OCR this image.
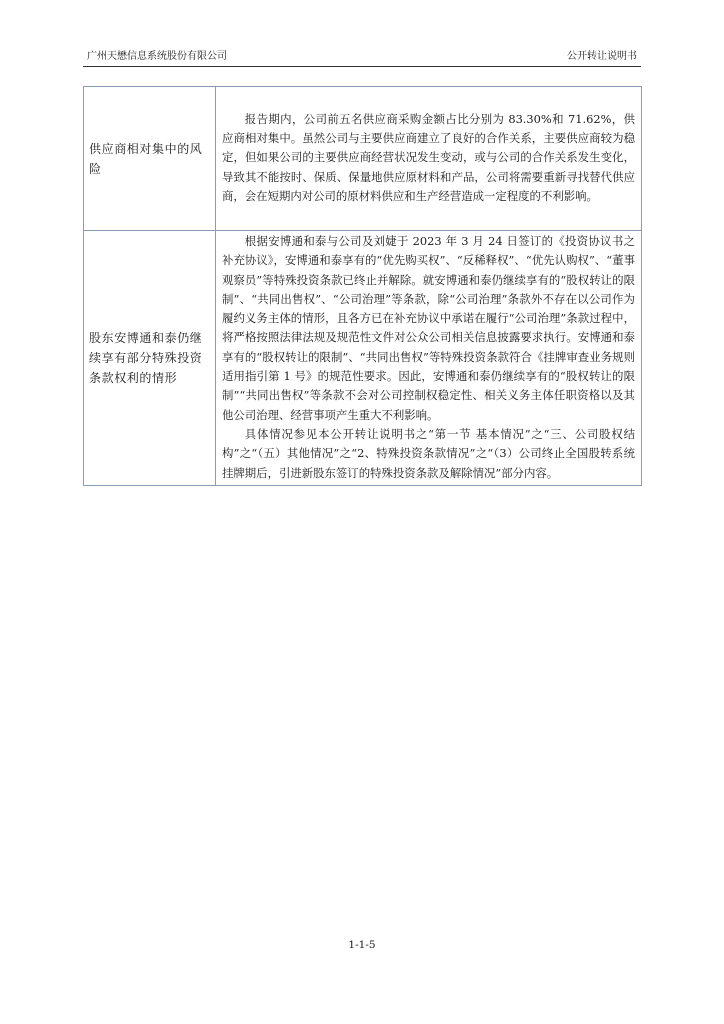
广州天懋信息系统股份有限公司	公开转让说明书
供应商相对集中的风险	报告期内，公司前五名供应商采购金额占比分别为 83.30%和 71.62%，供应商相对集中。虽然公司与主要供应商建立了良好的合作关系，主要供应商较为稳定，但如果公司的主要供应商经营状况发生变动，或与公司的合作关系发生变化，导致其不能按时、保质、保量地供应原材料和产品，公司将需要重新寻找替代供应商，会在短期内对公司的原材料供应和生产经营造成一定程度的不利影响。

股东安博通和泰仍继续享有部分特殊投资条款权利的情形	根据安博通和泰与公司及刘婕于 2023 年 3 月 24 日签订的《投资协议书之补充协议》，安博通和泰享有的“优先购买权”、“反稀释权”、“优先认购权”、“董事观察员”等特殊投资条款已终止并解除。就安博通和泰仍继续享有的“股权转让的限制”、“共同出售权”、“公司治理”等条款，除“公司治理”条款外不存在以公司作为履约义务主体的情形，且各方已在补充协议中承诺在履行“公司治理”条款过程中，将严格按照法律法规及规范性文件对公众公司相关信息披露要求执行。安博通和泰享有的“股权转让的限制”、“共同出售权”等特殊投资条款符合《挂牌审查业务规则适用指引第 1 号》的规范性要求。因此，安博通和泰仍继续享有的“股权转让的限制”“共同出售权”等条款不会对公司控制权稳定性、相关义务主体任职资格以及其他公司治理、经营事项产生重大不利影响。

具体情况参见本公开转让说明书之“第一节 基本情况”之“三、公司股权结构”之“（五）其他情况”之“2、特殊投资条款情况”之“（3）公司终止全国股转系统挂牌期后，引进新股东签订的特殊投资条款及解除情况”部分内容。

1-1-5
